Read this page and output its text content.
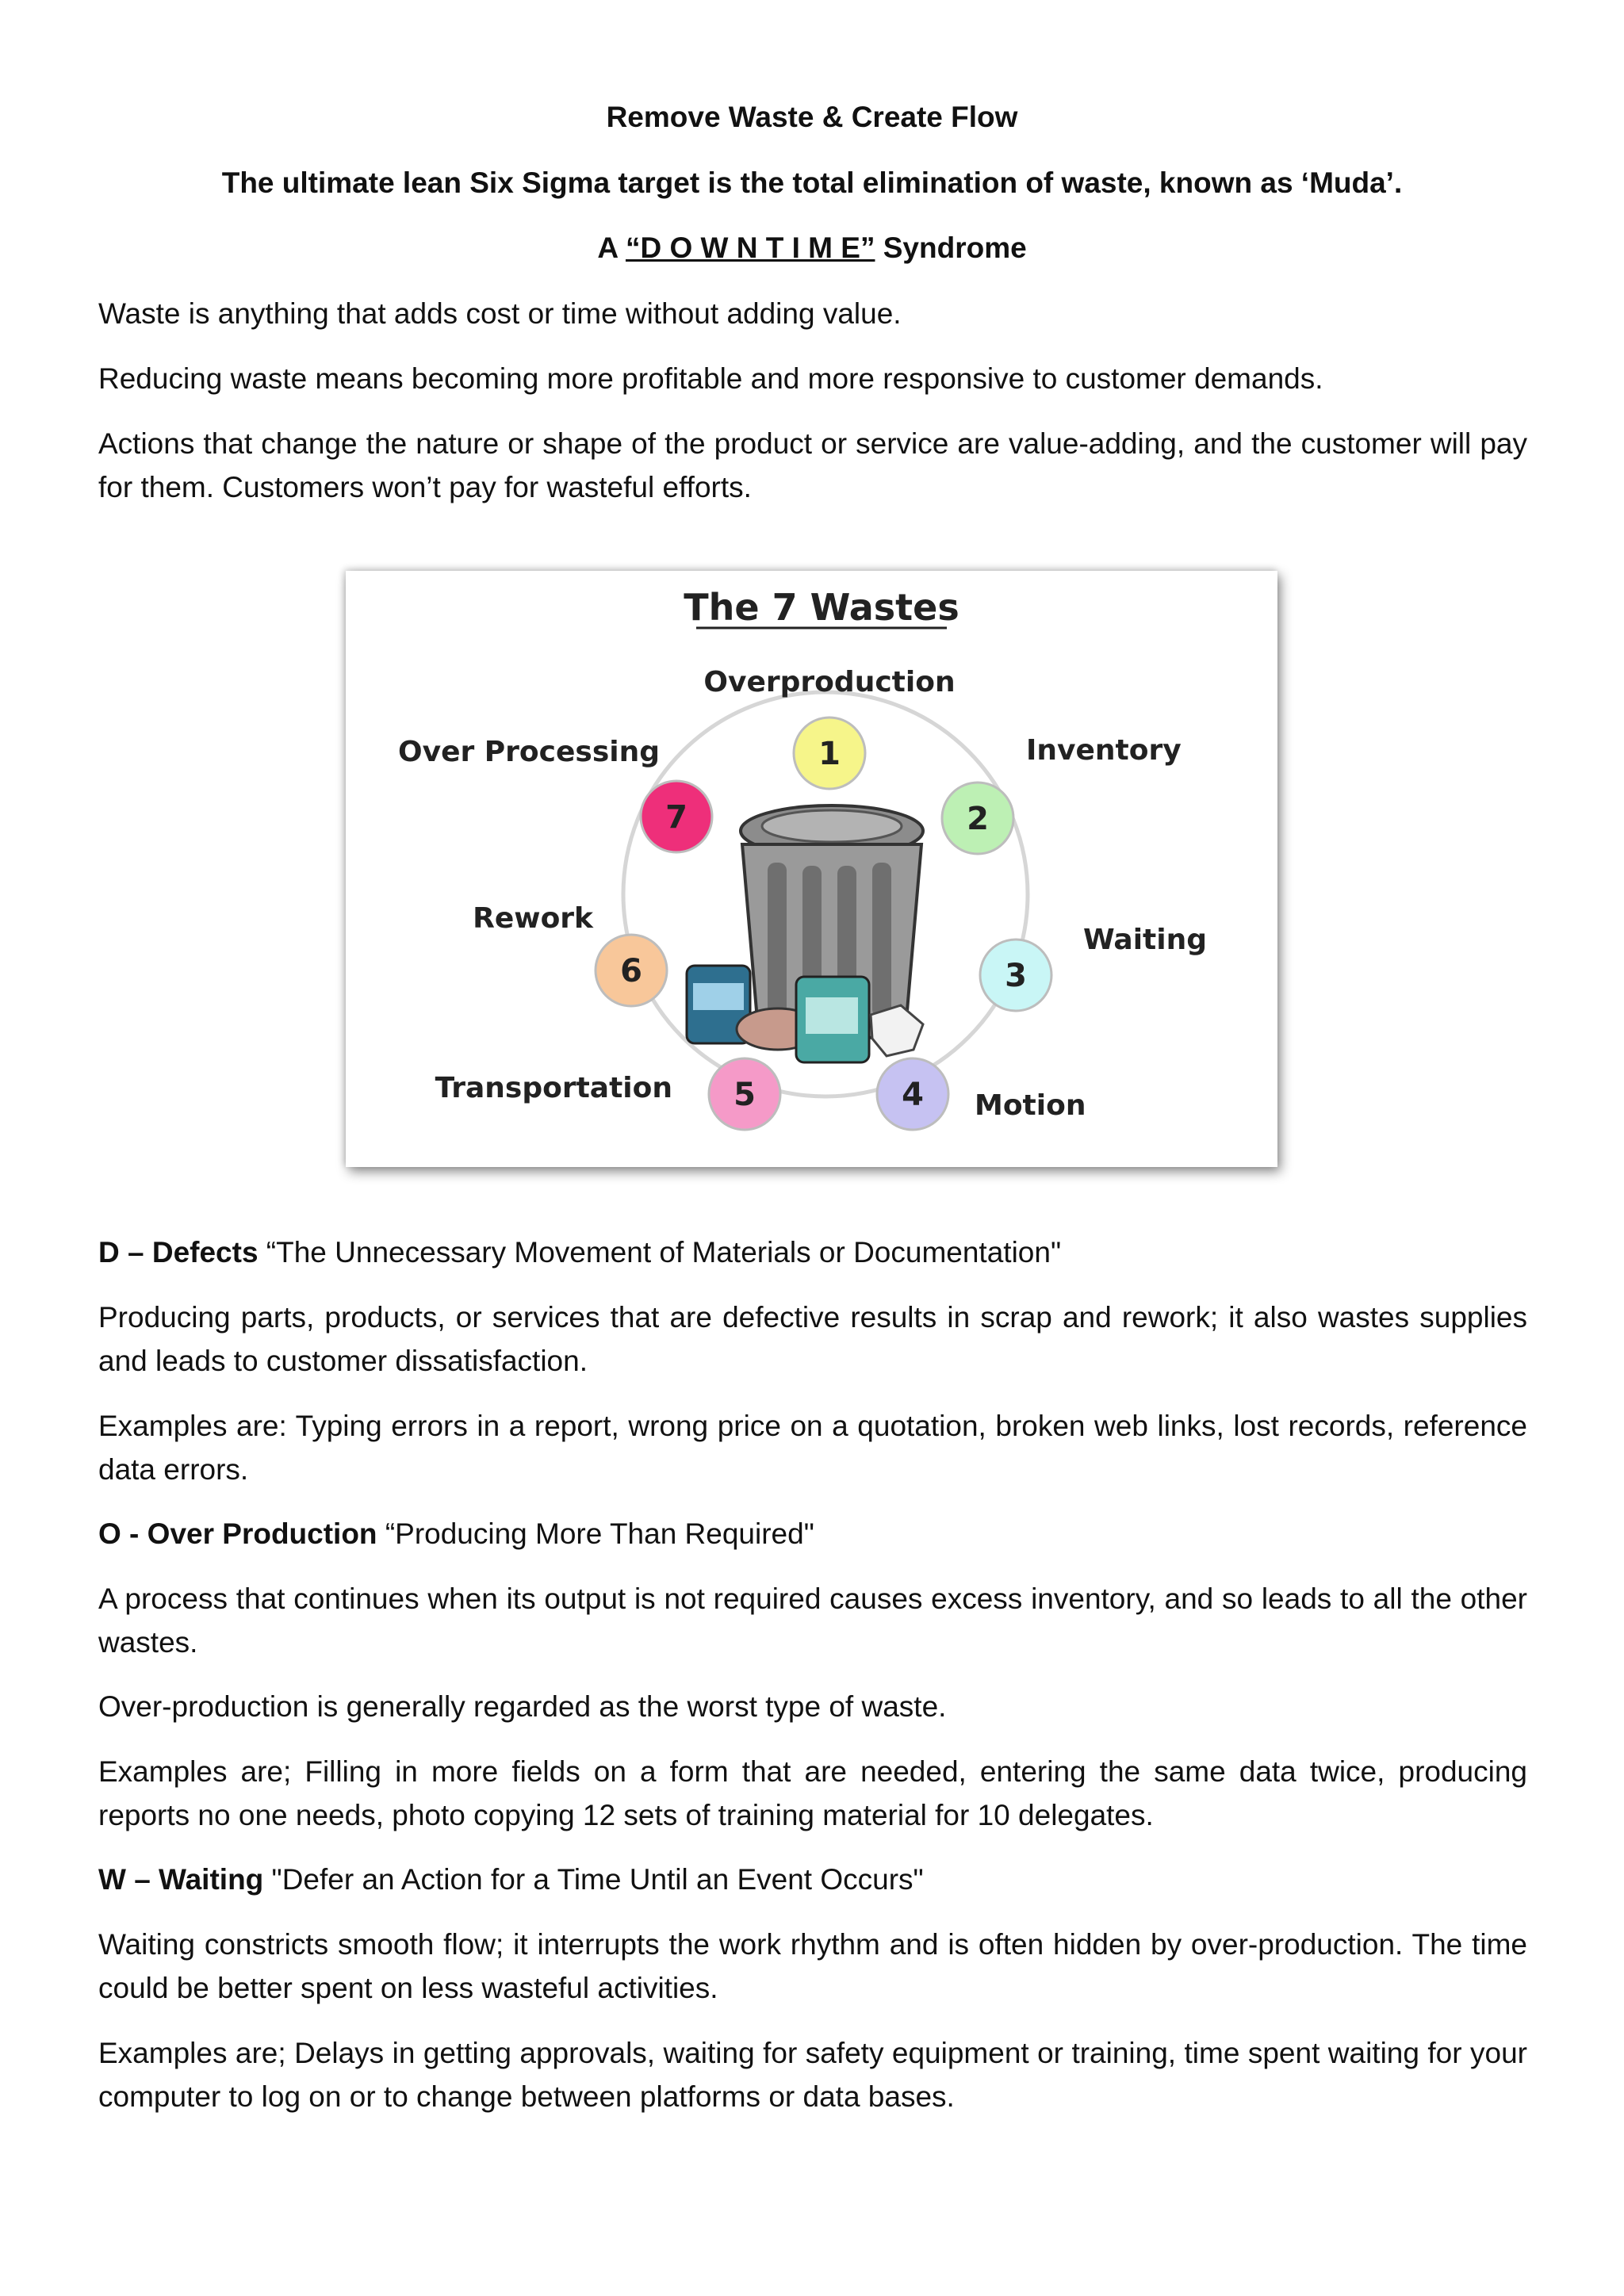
Remove Waste & Create Flow
The ultimate lean Six Sigma target is the total elimination of waste, known as ‘Muda’.
A “D O W N T I M E” Syndrome

Waste is anything that adds cost or time without adding value.

Reducing waste means becoming more profitable and more responsive to customer demands.

Actions that change the nature or shape of the product or service are value-adding, and the customer will pay for them. Customers won’t pay for wasteful efforts.

The 7 Wastes
1
Overproduction
2
Inventory
3
Waiting
4 Motion
5
Transportation
6
Rework
7
Over Processing

D – Defects “The Unnecessary Movement of Materials or Documentation"

Producing parts, products, or services that are defective results in scrap and rework; it also wastes supplies and leads to customer dissatisfaction.

Examples are: Typing errors in a report, wrong price on a quotation, broken web links, lost records, reference data errors.

O - Over Production “Producing More Than Required"

A process that continues when its output is not required causes excess inventory, and so leads to all the other wastes.

Over-production is generally regarded as the worst type of waste.

Examples are; Filling in more fields on a form that are needed, entering the same data twice, producing reports no one needs, photo copying 12 sets of training material for 10 delegates.

W – Waiting "Defer an Action for a Time Until an Event Occurs"

Waiting constricts smooth flow; it interrupts the work rhythm and is often hidden by over-production. The time could be better spent on less wasteful activities.

Examples are; Delays in getting approvals, waiting for safety equipment or training, time spent waiting for your computer to log on or to change between platforms or data bases.
